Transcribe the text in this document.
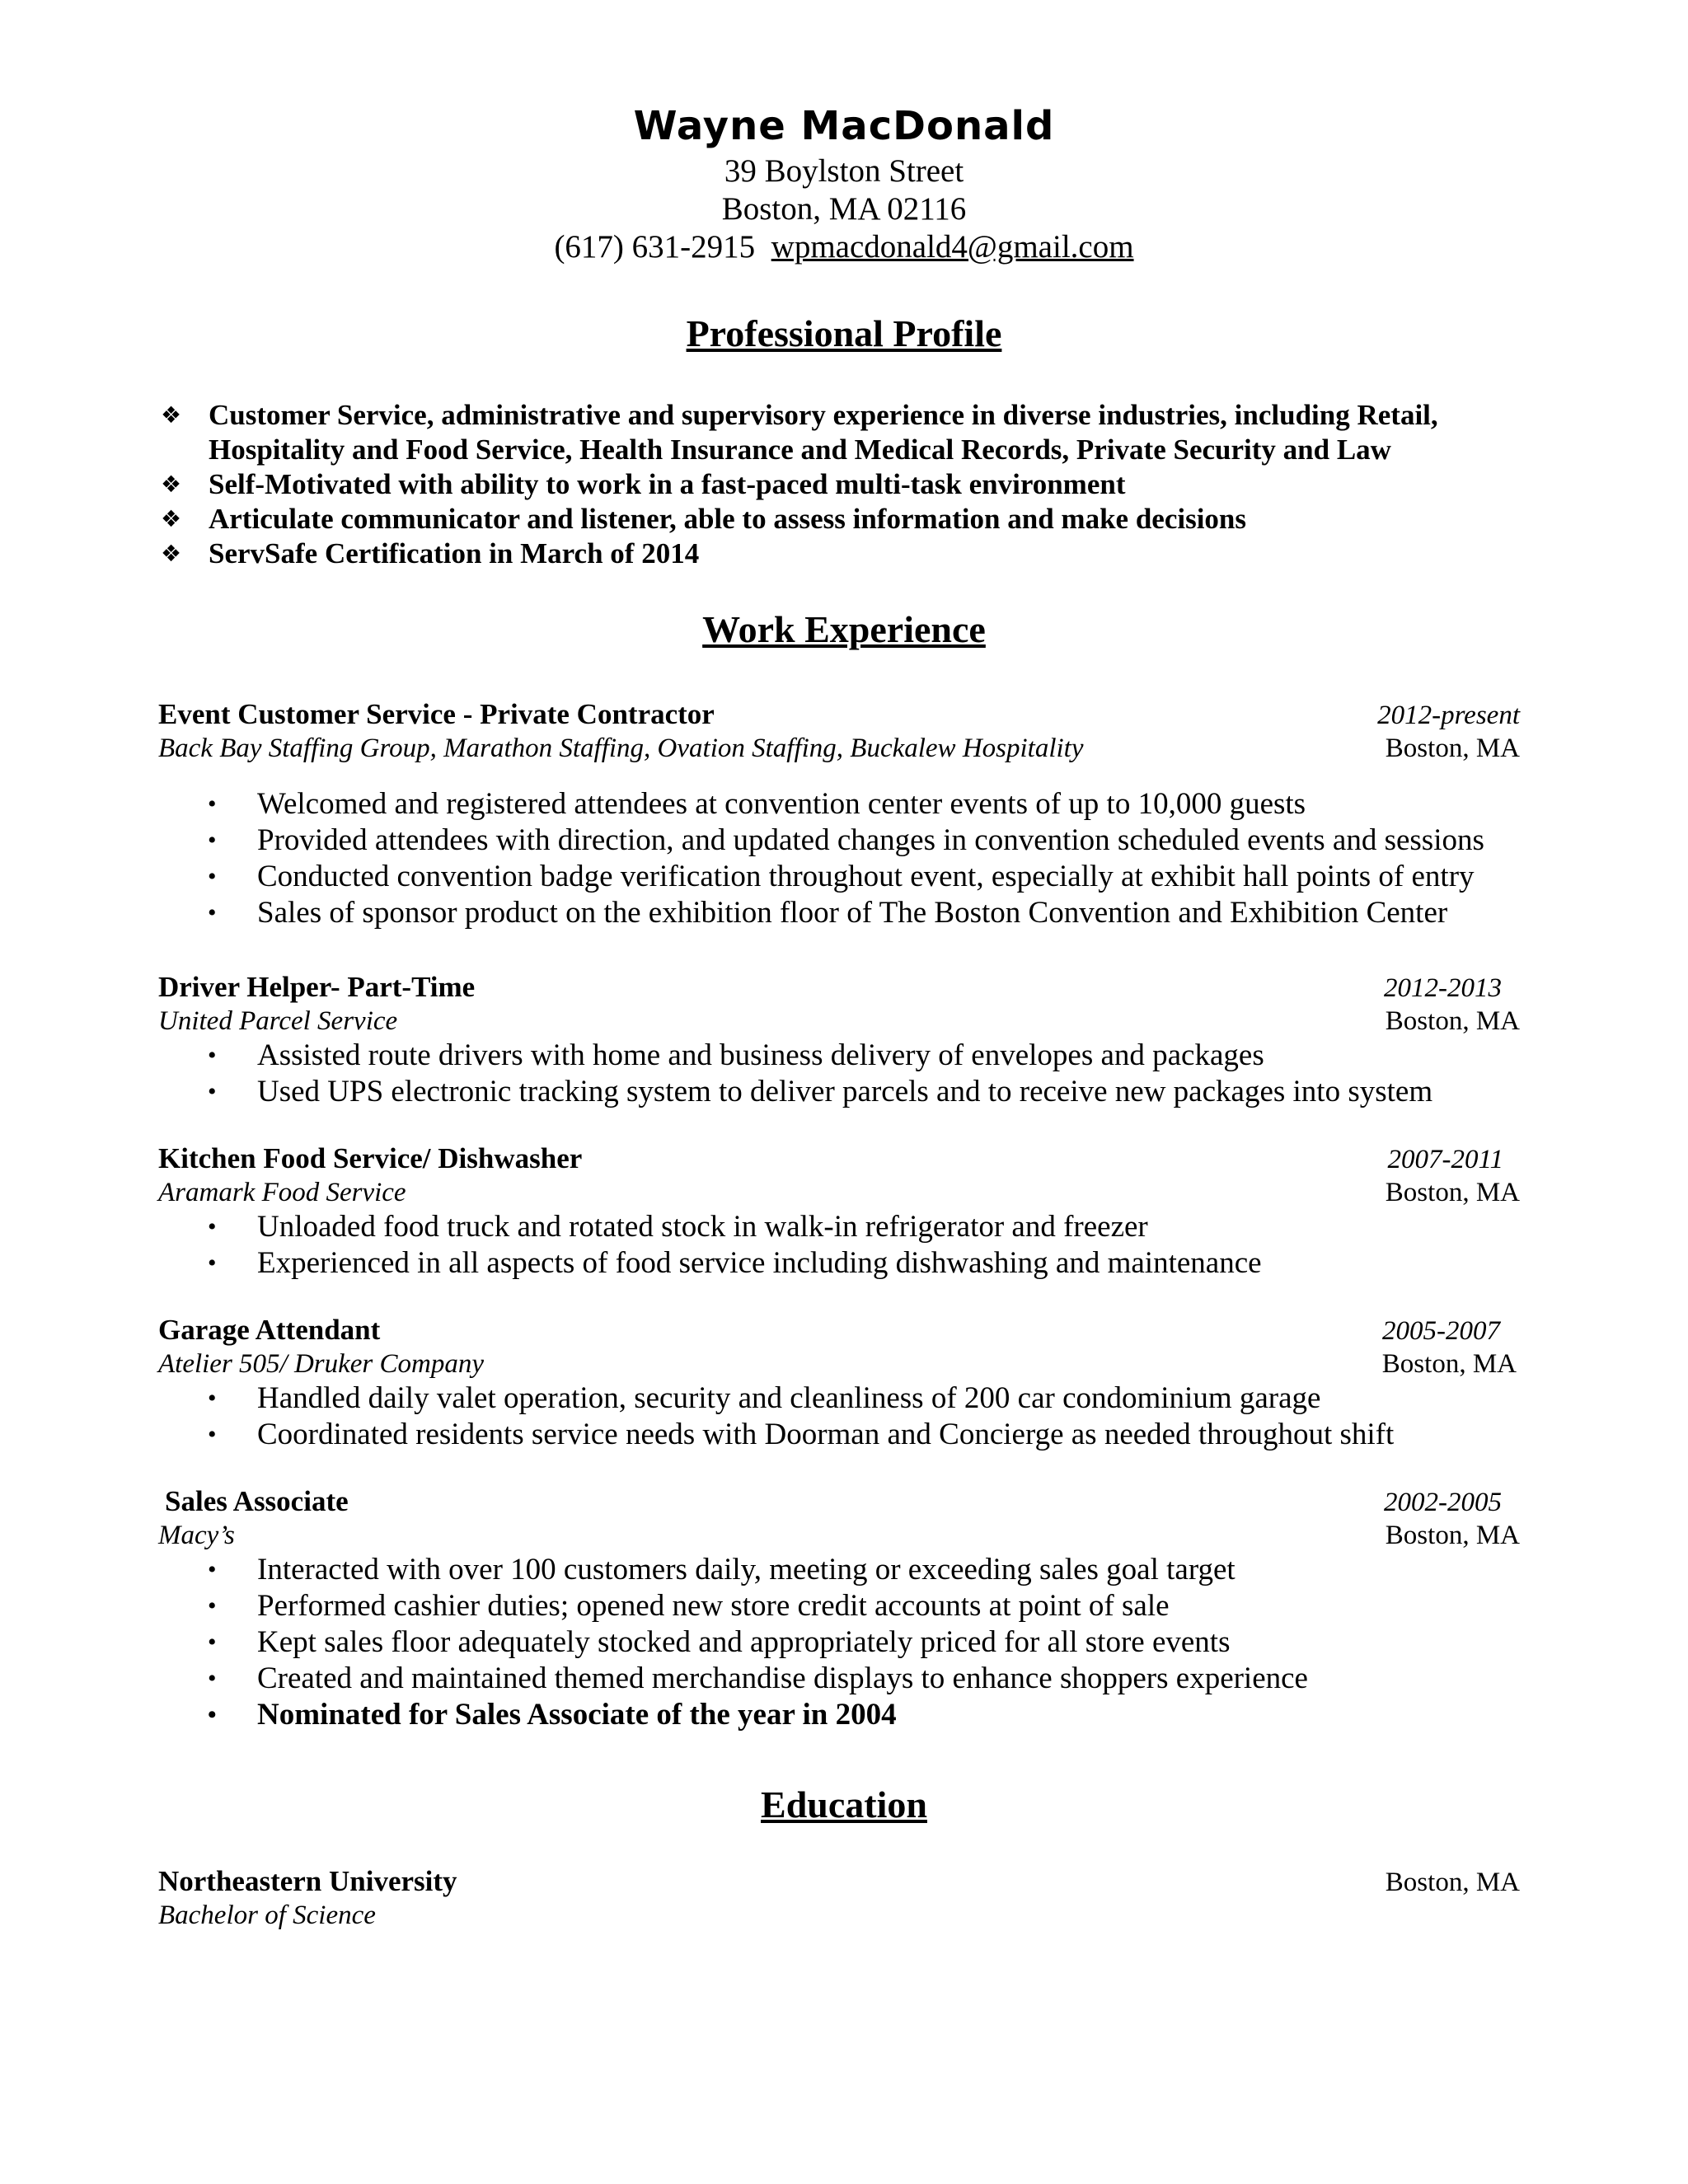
Wayne MacDonald
39 Boylston Street
Boston, MA 02116
(617) 631-2915 wpmacdonald4@gmail.com
Professional Profile
❖ Customer Service, administrative and supervisory experience in diverse industries, including Retail, Hospitality and Food Service, Health Insurance and Medical Records, Private Security and Law
❖ Self-Motivated with ability to work in a fast-paced multi-task environment
❖ Articulate communicator and listener, able to assess information and make decisions
❖ ServSafe Certification in March of 2014
Work Experience
Event Customer Service - Private Contractor	2012-present
Back Bay Staffing Group, Marathon Staffing, Ovation Staffing, Buckalew Hospitality	Boston, MA
• Welcomed and registered attendees at convention center events of up to 10,000 guests
• Provided attendees with direction, and updated changes in convention scheduled events and sessions
• Conducted convention badge verification throughout event, especially at exhibit hall points of entry
• Sales of sponsor product on the exhibition floor of The Boston Convention and Exhibition Center
Driver Helper- Part-Time	2012-2013
United Parcel Service	Boston, MA
• Assisted route drivers with home and business delivery of envelopes and packages
• Used UPS electronic tracking system to deliver parcels and to receive new packages into system
Kitchen Food Service/ Dishwasher	2007-2011
Aramark Food Service	Boston, MA
• Unloaded food truck and rotated stock in walk-in refrigerator and freezer
• Experienced in all aspects of food service including dishwashing and maintenance
Garage Attendant	2005-2007
Atelier 505/ Druker Company	Boston, MA
• Handled daily valet operation, security and cleanliness of 200 car condominium garage
• Coordinated residents service needs with Doorman and Concierge as needed throughout shift
Sales Associate	2002-2005
Macy’s	Boston, MA
• Interacted with over 100 customers daily, meeting or exceeding sales goal target
• Performed cashier duties; opened new store credit accounts at point of sale
• Kept sales floor adequately stocked and appropriately priced for all store events
• Created and maintained themed merchandise displays to enhance shoppers experience
• Nominated for Sales Associate of the year in 2004
Education
Northeastern University	Boston, MA
Bachelor of Science
